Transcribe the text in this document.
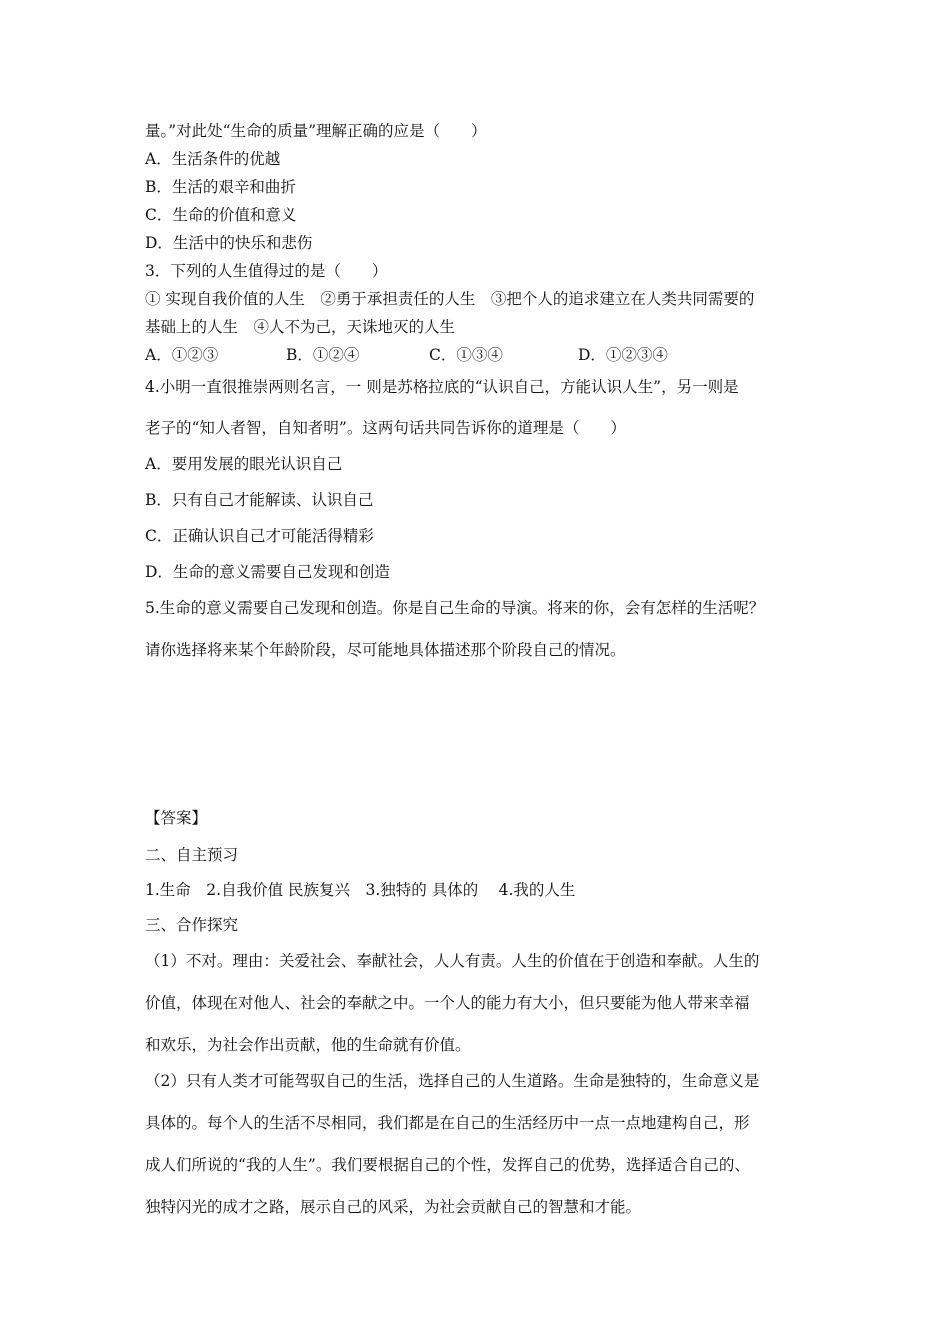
量。”对此处“生命的质量”理解正确的应是（　　）
A．生活条件的优越
B．生活的艰辛和曲折
C．生命的价值和意义
D．生活中的快乐和悲伤
3．下列的人生值得过的是（　　）
① 实现自我价值的人生　②勇于承担责任的人生　③把个人的追求建立在人类共同需要的
基础上的人生　④人不为己，天诛地灭的人生
A．①②③	B．①②④	C．①③④	D．①②③④
4.小明一直很推崇两则名言，一 则是苏格拉底的“认识自己，方能认识人生”，另一则是
老子的“知人者智，自知者明”。这两句话共同告诉你的道理是（　　）
A．要用发展的眼光认识自己
B．只有自己才能解读、认识自己
C．正确认识自己才可能活得精彩
D．生命的意义需要自己发现和创造
5.生命的意义需要自己发现和创造。你是自己生命的导演。将来的你，会有怎样的生活呢？
请你选择将来某个年龄阶段，尽可能地具体描述那个阶段自己的情况。
【答案】
二、自主预习
1.生命　2.自我价值 民族复兴　3.独特的 具体的　 4.我的人生
三、合作探究
（1）不对。理由：关爱社会、奉献社会，人人有责。人生的价值在于创造和奉献。人生的
价值，体现在对他人、社会的奉献之中。一个人的能力有大小，但只要能为他人带来幸福
和欢乐，为社会作出贡献，他的生命就有价值。
（2）只有人类才可能驾驭自己的生活，选择自己的人生道路。生命是独特的，生命意义是
具体的。每个人的生活不尽相同，我们都是在自己的生活经历中一点一点地建构自己，形
成人们所说的“我的人生”。我们要根据自己的个性，发挥自己的优势，选择适合自己的、
独特闪光的成才之路，展示自己的风采，为社会贡献自己的智慧和才能。
